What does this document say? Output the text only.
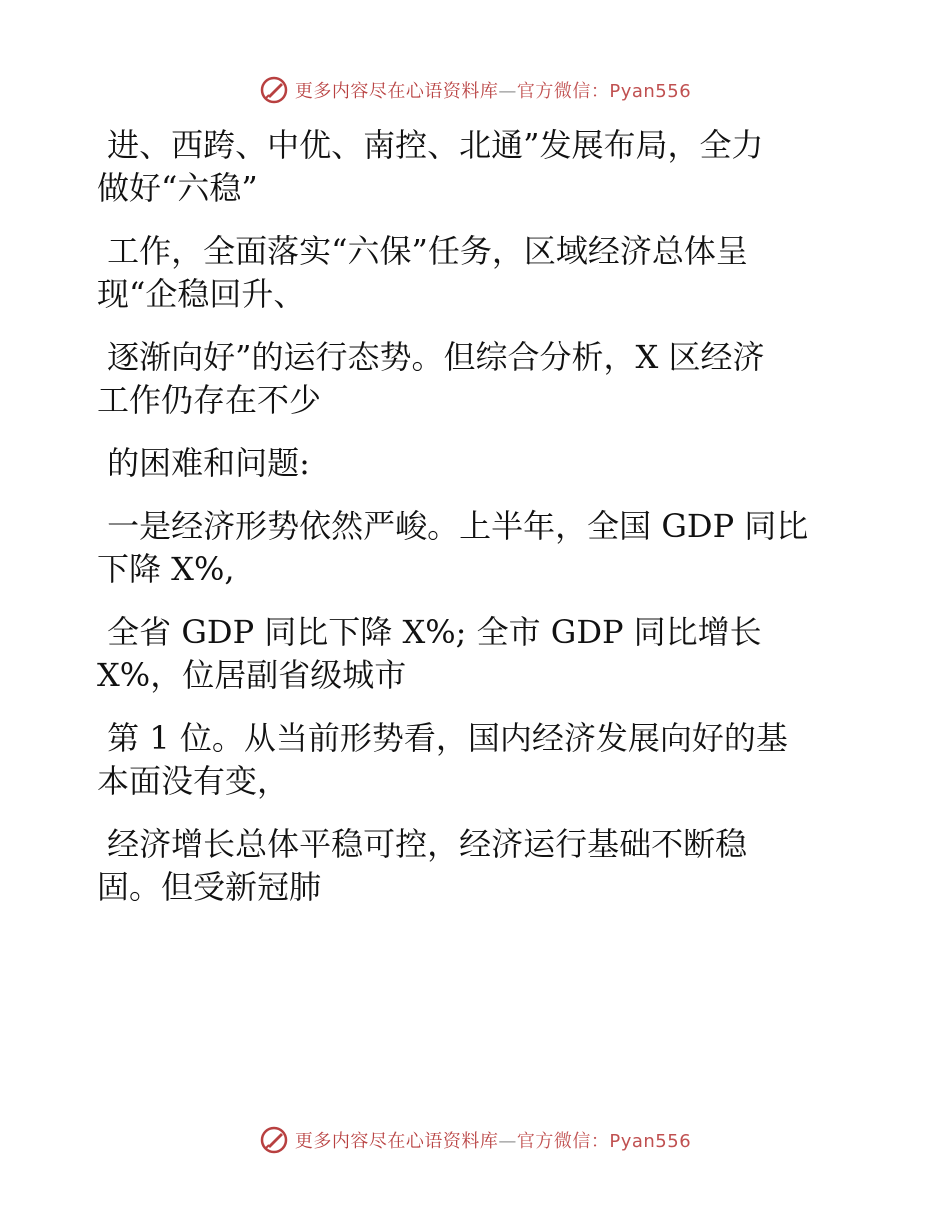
更多内容尽在心语资料库—官方微信：Pyan556
进、西跨、中优、南控、北通”发展布局，全力
做好“六稳”
工作，全面落实“六保”任务，区域经济总体呈
现“企稳回升、
逐渐向好”的运行态势。但综合分析，X 区经济
工作仍存在不少
的困难和问题:
一是经济形势依然严峻。上半年，全国 GDP 同比
下降 X%,
全省 GDP 同比下降 X%; 全市 GDP 同比增长
X%，位居副省级城市
第 1 位。从当前形势看，国内经济发展向好的基
本面没有变，
经济增长总体平稳可控，经济运行基础不断稳
固。但受新冠肺
更多内容尽在心语资料库—官方微信：Pyan556
